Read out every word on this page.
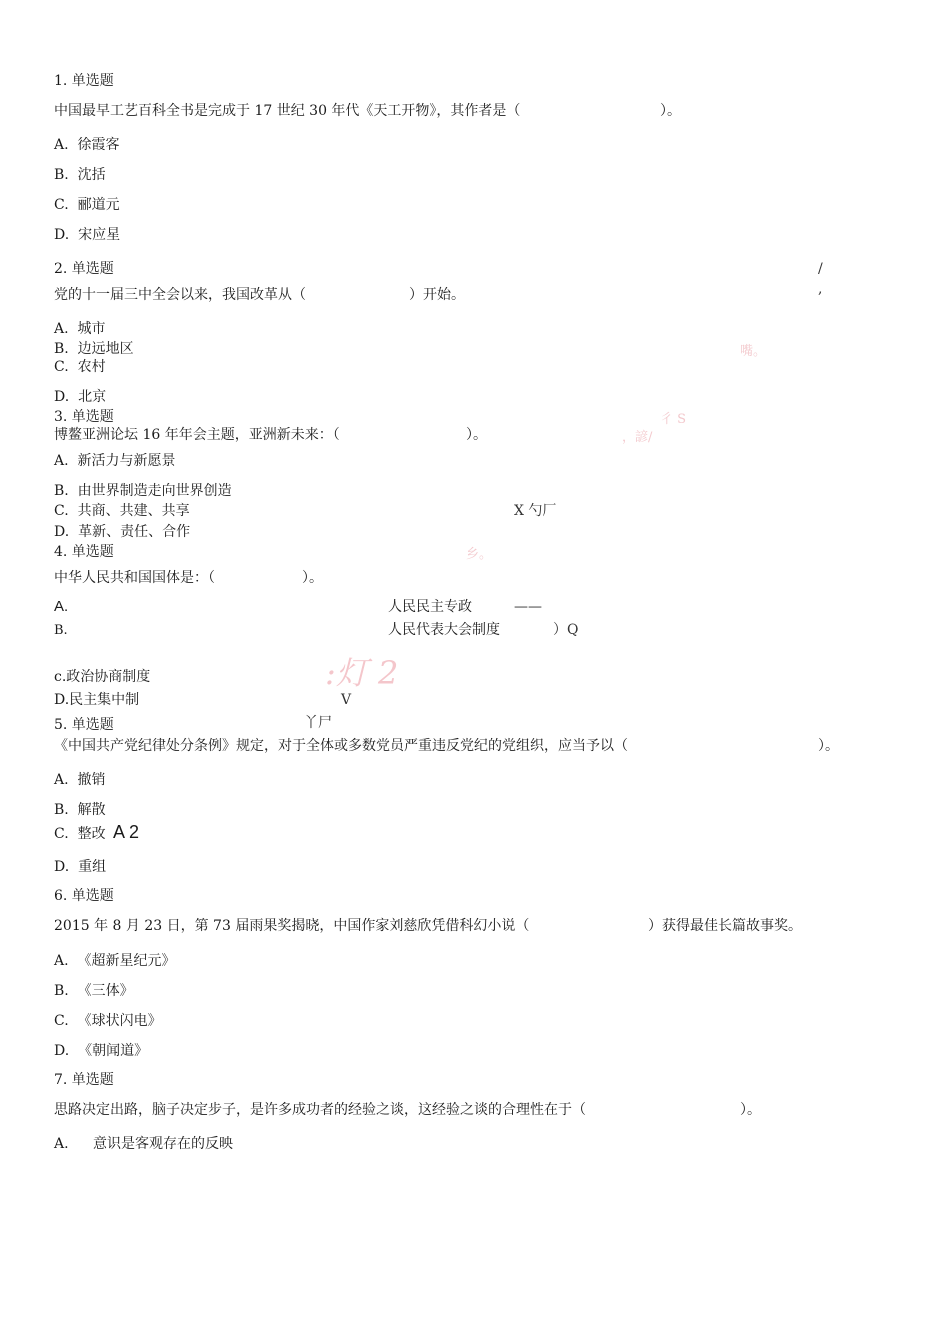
1. 单选题
中国最早工艺百科全书是完成于 17 世纪 30 年代《天工开物》，其作者是（	）。
A.  徐霞客
B.  沈括
C.  郦道元
D.  宋应星
2. 单选题	/
党的十一届三中全会以来，我国改革从（	）开始。	,
A.  城市
B.  边远地区	嘴。
C.  农村
D.  北京
3. 单选题	彳 S
博鳌亚洲论坛 16 年年会主题，亚洲新未来：（	）。	，諺/
A.  新活力与新愿景
B.  由世界制造走向世界创造
C.  共商、共建、共享	X 勺厂
D.  革新、责任、合作
4. 单选题	乡。
中华人民共和国国体是：（	）。
A.	人民民主专政	——
B.	人民代表大会制度	）Q
:灯 2
c.政治协商制度
D.民主集中制	V
5. 单选题	丫尸
《中国共产党纪律处分条例》规定，对于全体或多数党员严重违反党纪的党组织，应当予以（	）。
A.  撤销
B.  解散
C.  整改 A 2
D.  重组
6. 单选题
2015 年 8 月 23 日，第 73 届雨果奖揭晓，中国作家刘慈欣凭借科幻小说（	）获得最佳长篇故事奖。
A.  《超新星纪元》
B.  《三体》
C.  《球状闪电》
D.  《朝闻道》
7. 单选题
思路决定出路，脑子决定步子，是许多成功者的经验之谈，这经验之谈的合理性在于（	）。
A. 意识是客观存在的反映
